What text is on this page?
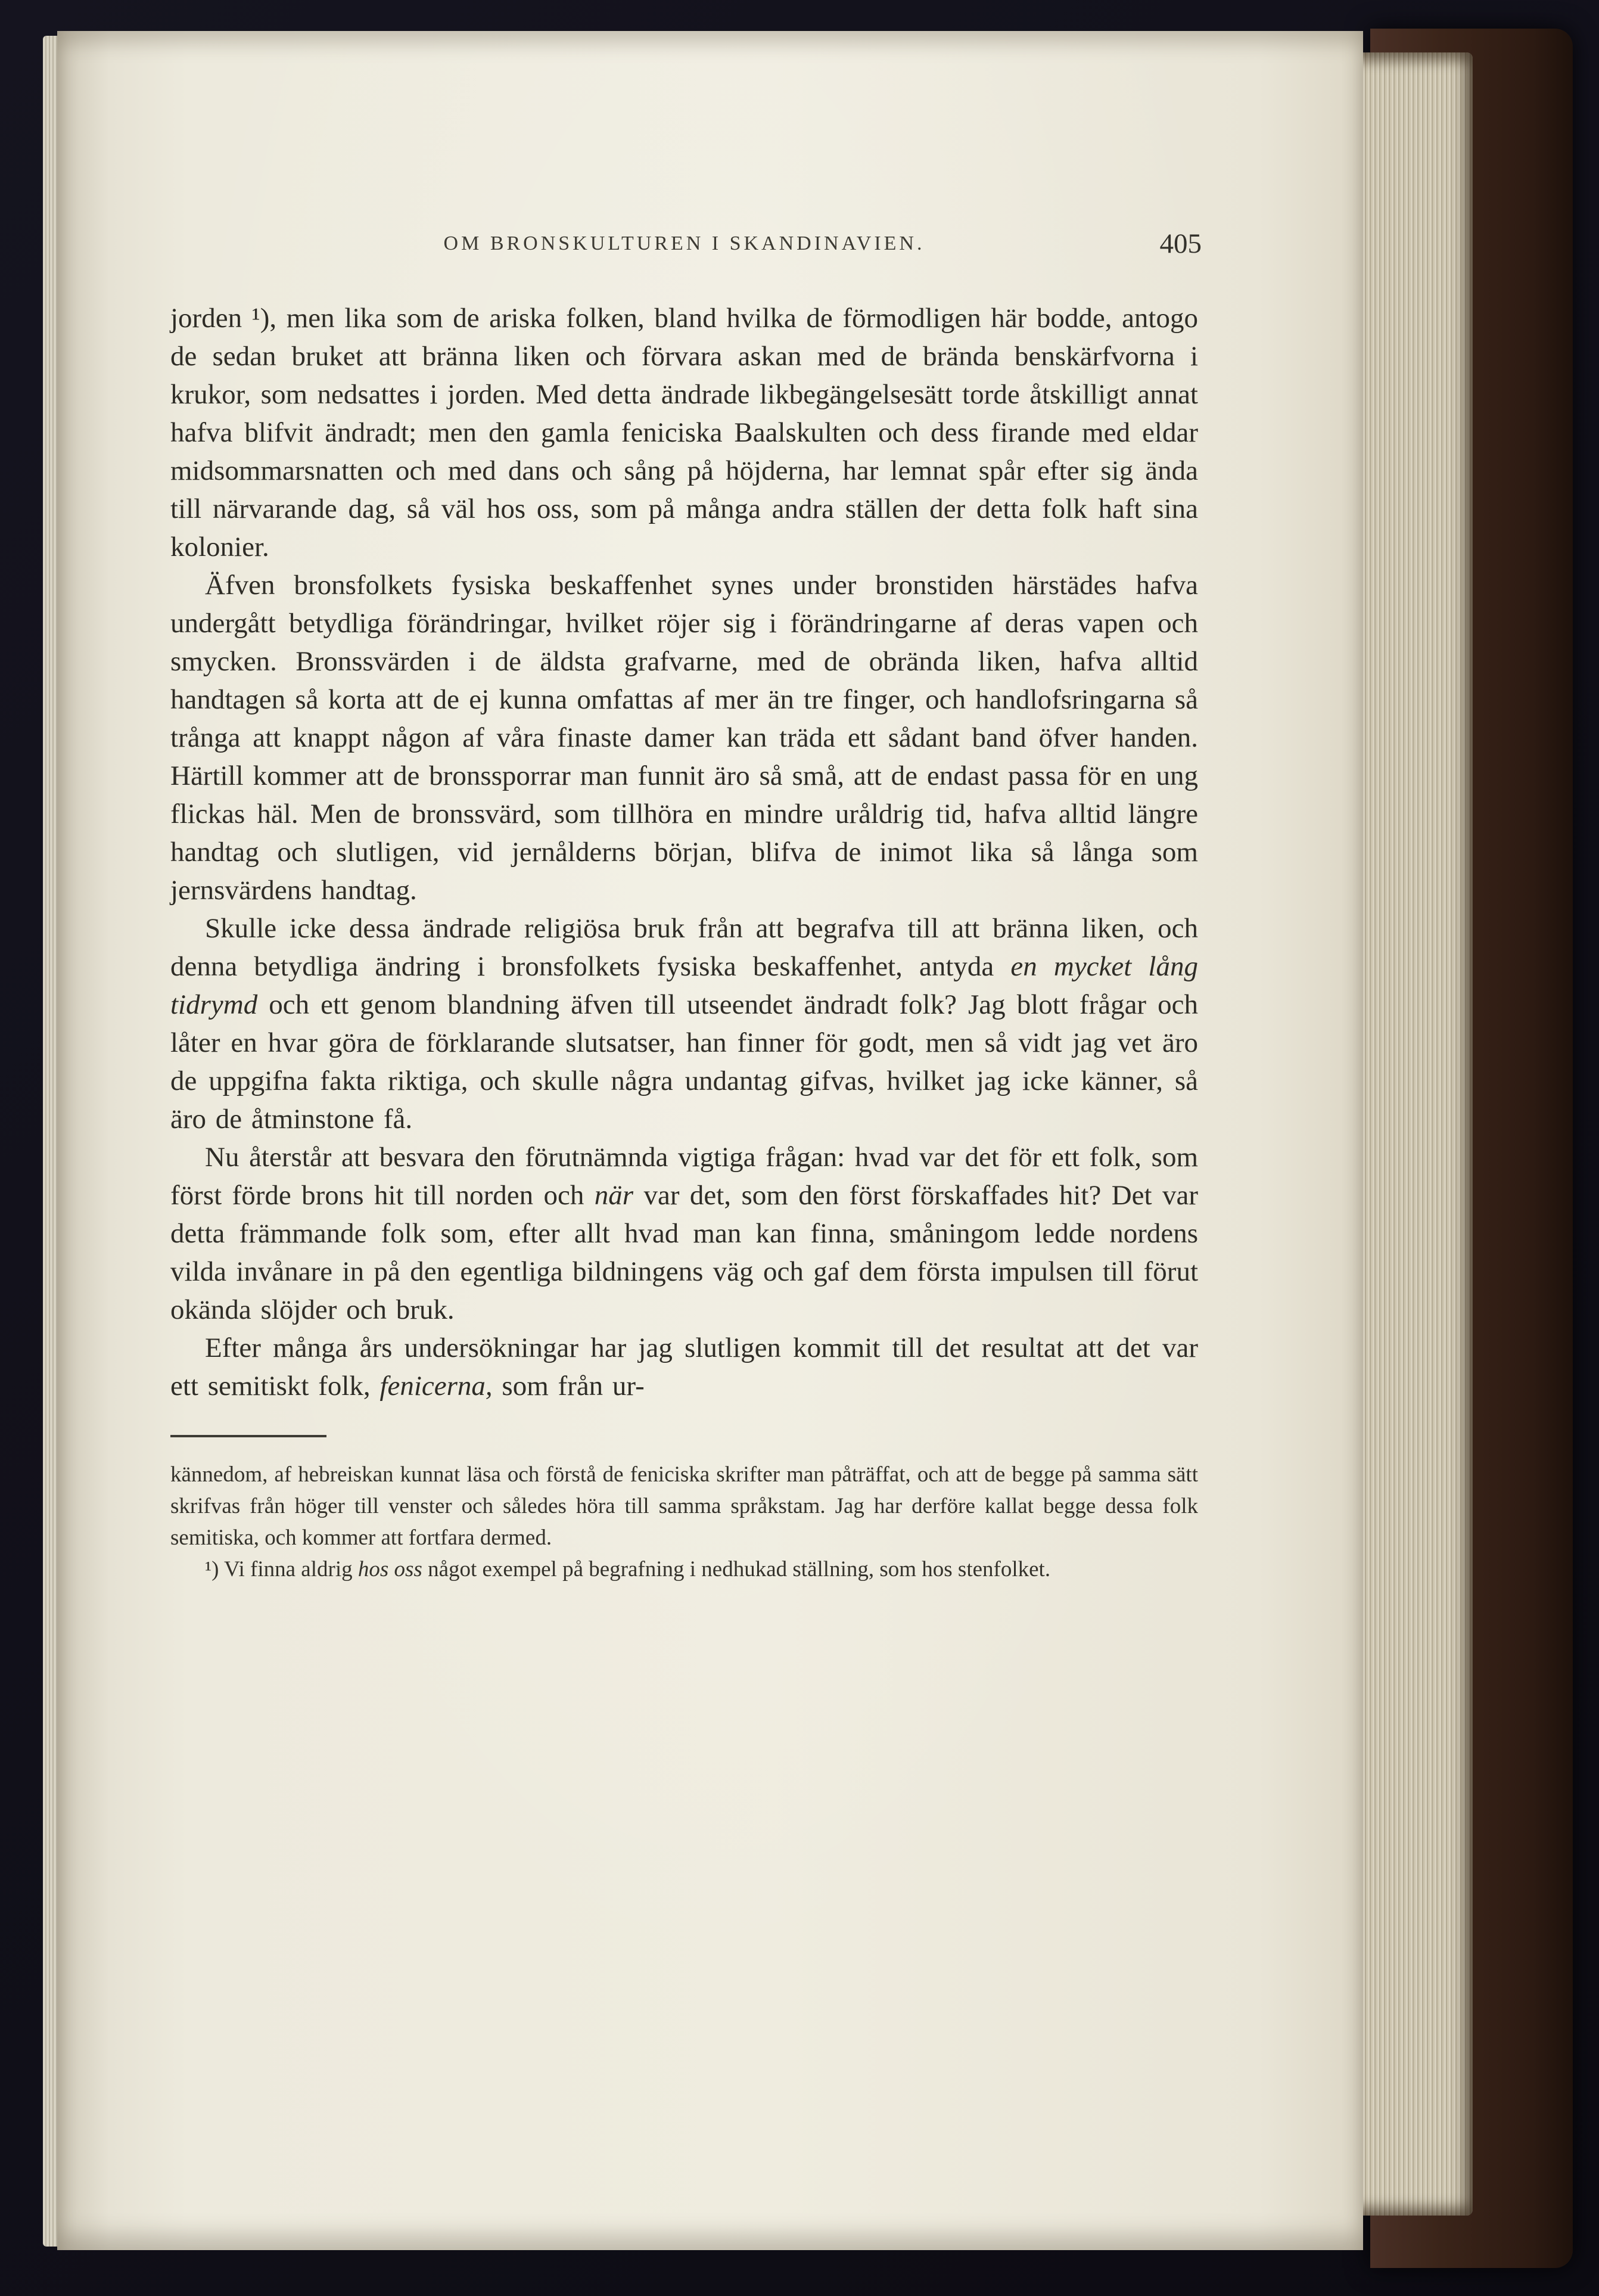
OM BRONSKULTUREN I SKANDINAVIEN.	405

jorden ¹), men lika som de ariska folken, bland hvilka de förmodligen här bodde, antogo de sedan bruket att bränna liken och förvara askan med de brända benskärfvorna i krukor, som nedsattes i jorden. Med detta ändrade likbegängelsesätt torde åtskilligt annat hafva blifvit ändradt; men den gamla feniciska Baalskulten och dess firande med eldar midsommarsnatten och med dans och sång på höjderna, har lemnat spår efter sig ända till närvarande dag, så väl hos oss, som på många andra ställen der detta folk haft sina kolonier.

Äfven bronsfolkets fysiska beskaffenhet synes under bronstiden härstädes hafva undergått betydliga förändringar, hvilket röjer sig i förändringarne af deras vapen och smycken. Bronssvärden i de äldsta grafvarne, med de obrända liken, hafva alltid handtagen så korta att de ej kunna omfattas af mer än tre finger, och handlofsringarna så trånga att knappt någon af våra finaste damer kan träda ett sådant band öfver handen. Härtill kommer att de bronssporrar man funnit äro så små, att de endast passa för en ung flickas häl. Men de bronssvärd, som tillhöra en mindre uråldrig tid, hafva alltid längre handtag och slutligen, vid jernålderns början, blifva de inimot lika så långa som jernsvärdens handtag.

Skulle icke dessa ändrade religiösa bruk från att begrafva till att bränna liken, och denna betydliga ändring i bronsfolkets fysiska beskaffenhet, antyda en mycket lång tidrymd och ett genom blandning äfven till utseendet ändradt folk? Jag blott frågar och låter en hvar göra de förklarande slutsatser, han finner för godt, men så vidt jag vet äro de uppgifna fakta riktiga, och skulle några undantag gifvas, hvilket jag icke känner, så äro de åtminstone få.

Nu återstår att besvara den förutnämnda vigtiga frågan: hvad var det för ett folk, som först förde brons hit till norden och när var det, som den först förskaffades hit? Det var detta främmande folk som, efter allt hvad man kan finna, småningom ledde nordens vilda invånare in på den egentliga bildningens väg och gaf dem första impulsen till förut okända slöjder och bruk.

Efter många års undersökningar har jag slutligen kommit till det resultat att det var ett semitiskt folk, fenicerna, som från ur-

kännedom, af hebreiskan kunnat läsa och förstå de feniciska skrifter man påträffat, och att de begge på samma sätt skrifvas från höger till venster och således höra till samma språkstam. Jag har derföre kallat begge dessa folk semitiska, och kommer att fortfara dermed.

¹) Vi finna aldrig hos oss något exempel på begrafning i nedhukad ställning, som hos stenfolket.
